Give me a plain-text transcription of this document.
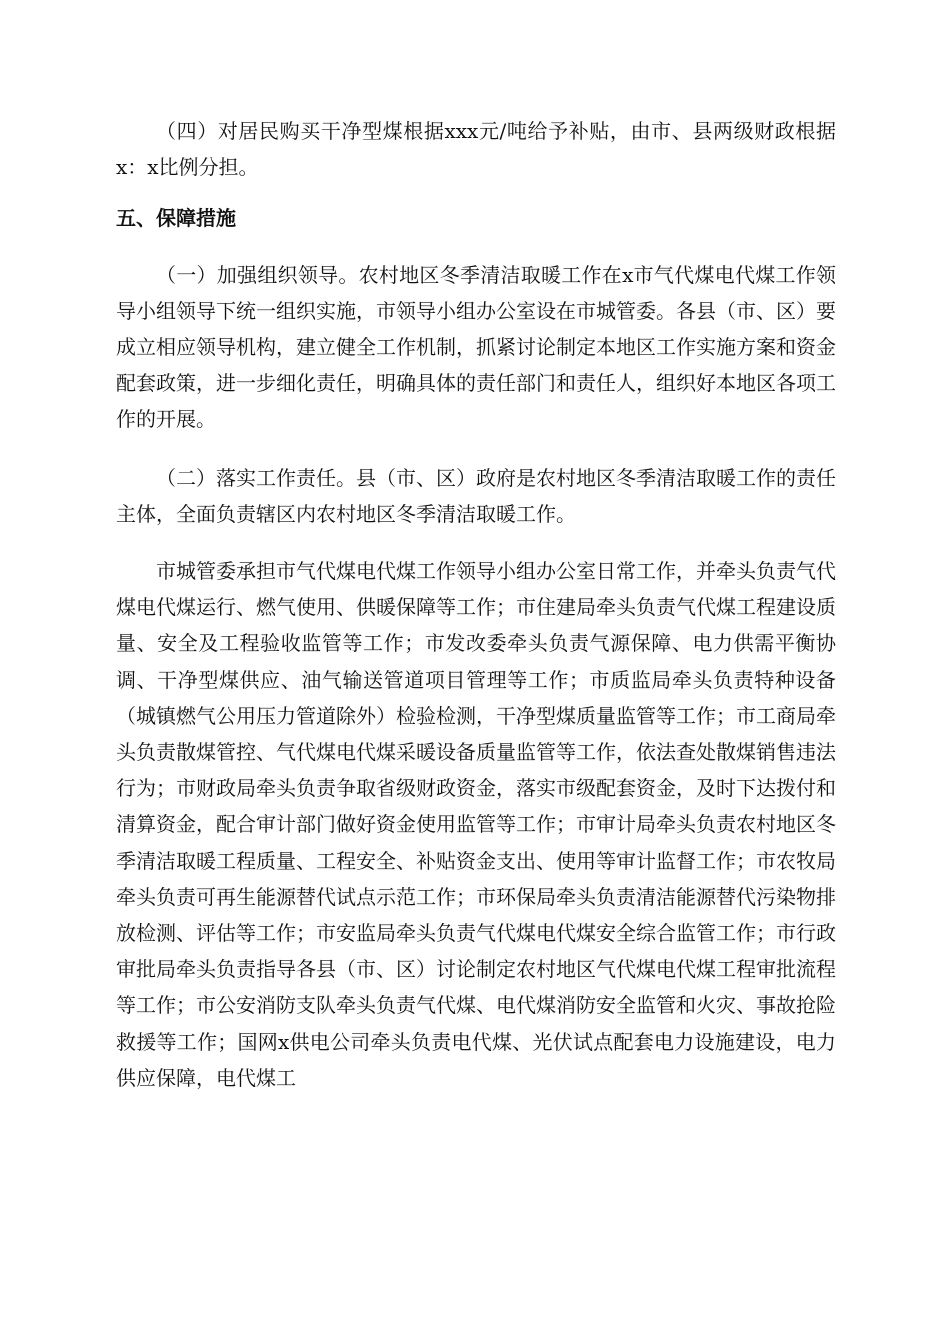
（四）对居民购买干净型煤根据xxx元/吨给予补贴，由市、县两级财政根据x：x比例分担。

五、保障措施

（一）加强组织领导。农村地区冬季清洁取暖工作在x市气代煤电代煤工作领导小组领导下统一组织实施，市领导小组办公室设在市城管委。各县（市、区）要成立相应领导机构，建立健全工作机制，抓紧讨论制定本地区工作实施方案和资金配套政策，进一步细化责任，明确具体的责任部门和责任人，组织好本地区各项工作的开展。

（二）落实工作责任。县（市、区）政府是农村地区冬季清洁取暖工作的责任主体，全面负责辖区内农村地区冬季清洁取暖工作。

市城管委承担市气代煤电代煤工作领导小组办公室日常工作，并牵头负责气代煤电代煤运行、燃气使用、供暖保障等工作；市住建局牵头负责气代煤工程建设质量、安全及工程验收监管等工作；市发改委牵头负责气源保障、电力供需平衡协调、干净型煤供应、油气输送管道项目管理等工作；市质监局牵头负责特种设备（城镇燃气公用压力管道除外）检验检测，干净型煤质量监管等工作；市工商局牵头负责散煤管控、气代煤电代煤采暖设备质量监管等工作，依法查处散煤销售违法行为；市财政局牵头负责争取省级财政资金，落实市级配套资金，及时下达拨付和清算资金，配合审计部门做好资金使用监管等工作；市审计局牵头负责农村地区冬季清洁取暖工程质量、工程安全、补贴资金支出、使用等审计监督工作；市农牧局牵头负责可再生能源替代试点示范工作；市环保局牵头负责清洁能源替代污染物排放检测、评估等工作；市安监局牵头负责气代煤电代煤安全综合监管工作；市行政审批局牵头负责指导各县（市、区）讨论制定农村地区气代煤电代煤工程审批流程等工作；市公安消防支队牵头负责气代煤、电代煤消防安全监管和火灾、事故抢险救援等工作；国网x供电公司牵头负责电代煤、光伏试点配套电力设施建设，电力供应保障，电代煤工
